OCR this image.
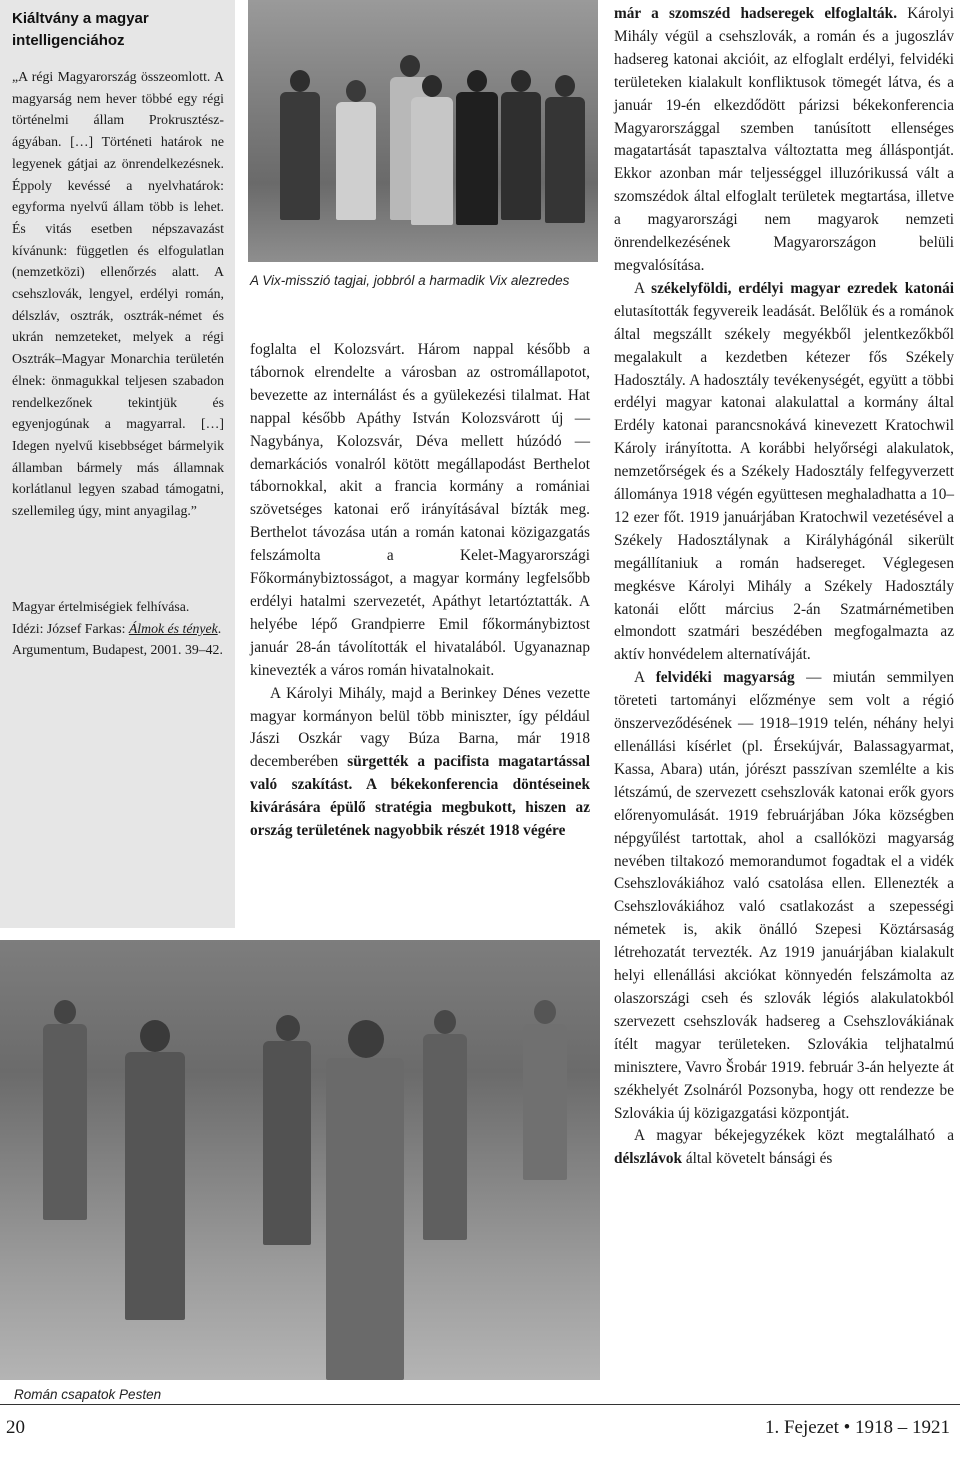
Kiáltvány a magyar intelligenciához
„A régi Magyarország összeomlott. A magyarság nem hever többé egy régi történelmi állam Prokrusztész-ágyában. […] Történeti határok ne legyenek gátjai az önrendelkezésnek. Éppoly kevéssé a nyelvhatárok: egyforma nyelvű állam több is lehet. És vitás esetben népszavazást kívánunk: független és elfogulatlan (nemzetközi) ellenőrzés alatt. A csehszlovák, lengyel, erdélyi román, délszláv, osztrák, osztrák-német és ukrán nemzeteket, melyek a régi Osztrák–Magyar Monarchia területén élnek: önmagukkal teljesen szabadon rendelkezőnek tekintjük és egyenjogúnak a magyarral. […] Idegen nyelvű kisebbséget bármelyik államban bármely más államnak korlátlanul legyen szabad támogatni, szellemileg úgy, mint anyagilag.”
Magyar értelmiségiek felhívása.
Idézi: József Farkas: Álmok és tények. Argumentum, Budapest, 2001. 39–42.
A Vix-misszió tagjai, jobbról a harmadik Vix alezredes
Román csapatok Pesten

foglalta el Kolozsvárt. Három nappal később a tábornok elrendelte a városban az ostromállapotot, bevezette az internálást és a gyülekezési tilalmat. Hat nappal később Apáthy István Kolozsvárott új — Nagybánya, Kolozsvár, Déva mellett húzódó — demarkációs vonalról kötött megállapodást Berthelot tábornokkal, akit a francia kormány a romániai szövetséges katonai erő irányításával bízták meg. Berthelot távozása után a román katonai közigazgatás felszámolta a Kelet-Magyarországi Főkormánybiztosságot, a magyar kormány legfelsőbb erdélyi hatalmi szervezetét, Apáthyt letartóztatták. A helyébe lépő Grandpierre Emil főkormánybiztost január 28-án távolították el hivatalából. Ugyanaznap kinevezték a város román hivatalnokait.

A Károlyi Mihály, majd a Berinkey Dénes vezette magyar kormányon belül több miniszter, így például Jászi Oszkár vagy Búza Barna, már 1918 decemberében sürgették a pacifista magatartással való szakítást. A békekonferencia döntéseinek kivárására épülő stratégia megbukott, hiszen az ország területének nagyobbik részét 1918 végére

már a szomszéd hadseregek elfoglalták. Károlyi Mihály végül a csehszlovák, a román és a jugoszláv hadsereg katonai akcióit, az elfoglalt erdélyi, felvidéki területeken kialakult konfliktusok tömegét látva, és a január 19-én elkezdődött párizsi békekonferencia Magyarországgal szemben tanúsított ellenséges magatartását tapasztalva változtatta meg álláspontját. Ekkor azonban már teljességgel illuzórikussá vált a szomszédok által elfoglalt területek megtartása, illetve a magyarországi nem magyarok nemzeti önrendelkezésének Magyarországon belüli megvalósítása.

A székelyföldi, erdélyi magyar ezredek katonái elutasították fegyvereik leadását. Belőlük és a románok által megszállt székely megyékből jelentkezőkből megalakult a kezdetben kétezer fős Székely Hadosztály. A hadosztály tevékenységét, együtt a többi erdélyi magyar katonai alakulattal a kormány által Erdély katonai parancsnokává kinevezett Kratochwil Károly irányította. A korábbi helyőrségi alakulatok, nemzetőrségek és a Székely Hadosztály felfegyverzett állománya 1918 végén együttesen meghaladhatta a 10–12 ezer főt. 1919 januárjában Kratochwil vezetésével a Székely Hadosztálynak a Királyhágónál sikerült megállítaniuk a román hadsereget. Véglegesen megkésve Károlyi Mihály a Székely Hadosztály katonái előtt március 2-án Szatmárnémetiben elmondott szatmári beszédében megfogalmazta az aktív honvédelem alternatíváját.

A felvidéki magyarság — miután semmilyen töreteti tartományi előzménye sem volt a régió önszerveződésének — 1918–1919 telén, néhány helyi ellenállási kísérlet (pl. Érsekújvár, Balassagyarmat, Kassa, Abara) után, jórészt passzívan szemlélte a kis létszámú, de szervezett csehszlovák katonai erők gyors előrenyomulását. 1919 februárjában Jóka községben népgyűlést tartottak, ahol a csallóközi magyarság nevében tiltakozó memorandumot fogadtak el a vidék Csehszlovákiához való csatolása ellen. Ellenezték a Csehszlovákiához való csatlakozást a szepességi németek is, akik önálló Szepesi Köztársaság létrehozatát tervezték. Az 1919 januárjában kialakult helyi ellenállási akciókat könnyedén felszámolta az olaszországi cseh és szlovák légiós alakulatokból szervezett csehszlovák hadsereg a Csehszlovákiának ítélt magyar területeken. Szlovákia teljhatalmú minisztere, Vavro Šrobár 1919. február 3-án helyezte át székhelyét Zsolnáról Pozsonyba, hogy ott rendezze be Szlovákia új közigazgatási központját.

A magyar békejegyzékek közt megtalálható a délszlávok által követelt bánsági és

20	1. Fejezet • 1918 – 1921
